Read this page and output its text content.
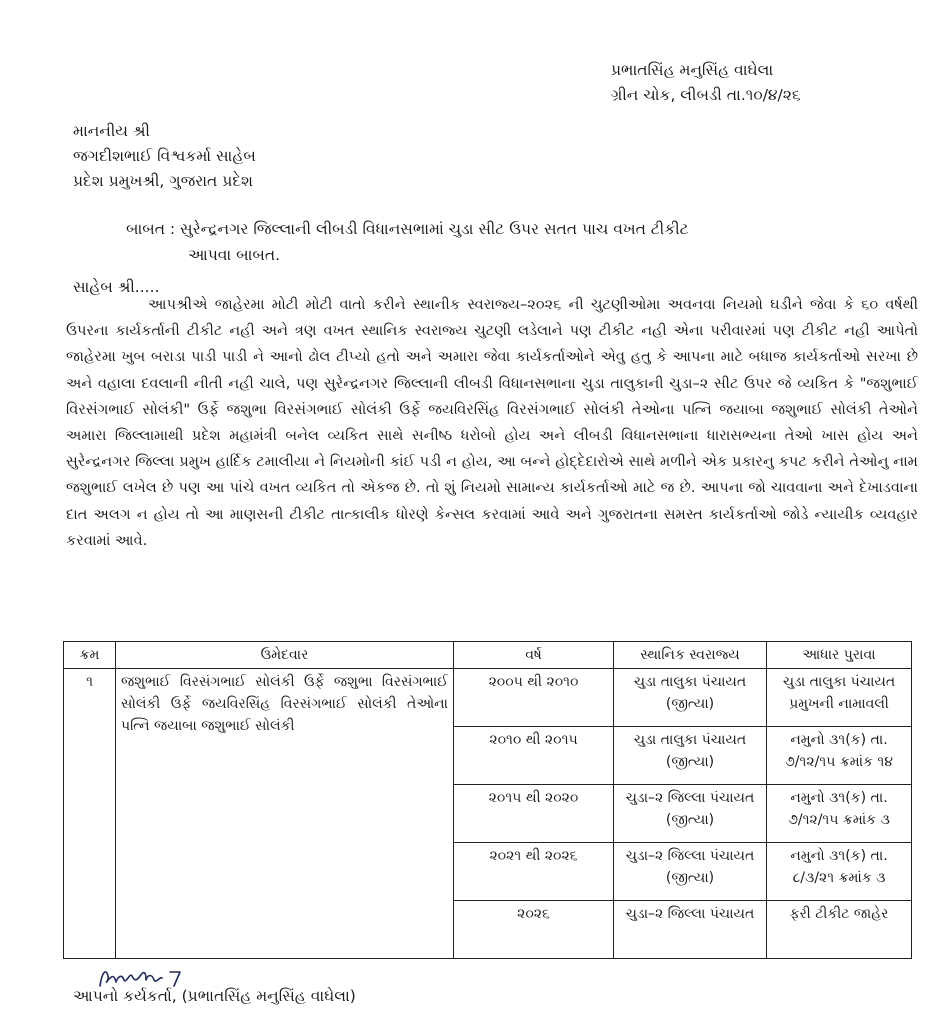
પ્રભાતસિંહ મનુસિંહ વાઘેલા
ગ્રીન ચોક, લીબડી તા.૧૦/૪/૨૬
માનનીય શ્રી
જગદીશભાઈ વિશ્વકર્મા સાહેબ
પ્રદેશ પ્રમુખશ્રી, ગુજરાત પ્રદેશ
બાબત : સુરેન્દ્રનગર જિલ્લાની લીબડી વિધાનસભામાં ચુડા સીટ ઉપર સતત પાચ વખત ટીકીટ
આપવા બાબત.
સાહેબ શ્રી.....
આપશ્રીએ જાહેરમા મોટી મોટી વાતો કરીને સ્થાનીક સ્વરાજ્ય–૨૦૨૬ ની ચુટણીઓમા અવનવા નિયમો ઘડીને જેવા કે ૬૦ વર્ષથી ઉપરના કાર્યકર્તાની ટીકીટ નહી અને ત્રણ વખત સ્થાનિક સ્વરાજ્ય ચુટણી લડેલાને પણ ટીકીટ નહી એના પરીવારમાં પણ ટીકીટ નહી આપેતો જાહેરમા ખુબ બરાડા પાડી પાડી ને આનો ઢોલ ટીપ્યો હતો અને અમારા જેવા કાર્યકર્તાઓને એવુ હતુ કે આપના માટે બધાજ કાર્યકર્તાઓ સરખા છે અને વહાલા દવલાની નીતી નહી ચાલે, પણ સુરેન્દ્રનગર જિલ્લાની લીબડી વિધાનસભાના ચુડા તાલુકાની ચુડા–૨ સીટ ઉપર જે વ્યકિત કે "જશુભાઈ વિરસંગભાઈ સોલંકી" ઉર્ફે જશુભા વિરસંગભાઈ સોલંકી ઉર્ફે જયવિરસિંહ વિરસંગભાઈ સોલંકી તેઓના પત્નિ જયાબા જશુભાઈ સોલંકી તેઓને અમારા જિલ્લામાથી પ્રદેશ મહામંત્રી બનેલ વ્યકિત સાથે સનીષ્ઠ ધરોબો હોય અને લીબડી વિધાનસભાના ધારાસભ્યના તેઓ ખાસ હોય અને સુરેન્દ્રનગર જિલ્લા પ્રમુખ હાર્દિક ટમાલીયા ને નિયમોની કાંઈ પડી ન હોય, આ બન્ને હોદ્દેદારોએ સાથે મળીને એક પ્રકારનુ કપટ કરીને તેઓનુ નામ જશુભાઈ લખેલ છે પણ આ પાંચે વખત વ્યકિત તો એકજ છે. તો શું નિયમો સામાન્ય કાર્યકર્તાઓ માટે જ છે. આપના જો ચાવવાના અને દેખાડવાના દાત અલગ ન હોય તો આ માણસની ટીકીટ તાત્કાલીક ધોરણે કેન્સલ કરવામાં આવે અને ગુજરાતના સમસ્ત કાર્યકર્તાઓ જોડે ન્યાયીક વ્યવહાર કરવામાં આવે.
ક્રમ	ઉમેદવાર	વર્ષ	સ્થાનિક સ્વરાજ્ય	આધાર પુરાવા
૧	જશુભાઈ વિરસંગભાઈ સોલંકી ઉર્ફે જશુભા વિરસંગભાઈ સોલંકી ઉર્ફે જયવિરસિંહ વિરસંગભાઈ સોલંકી તેઓના પત્નિ જયાબા જશુભાઈ સોલંકી	૨૦૦૫ થી ૨૦૧૦	ચુડા તાલુકા પંચાયત (જીત્યા)	ચુડા તાલુકા પંચાયત પ્રમુખની નામાવલી
		૨૦૧૦ થી ૨૦૧૫	ચુડા તાલુકા પંચાયત (જીત્યા)	નમુનો ૩૧(ક) તા. ૭/૧૨/૧૫ ક્રમાંક ૧૪
		૨૦૧૫ થી ૨૦૨૦	ચુડા–૨ જિલ્લા પંચાયત (જીત્યા)	નમુનો ૩૧(ક) તા. ૭/૧૨/૧૫ ક્રમાંક ૩
		૨૦૨૧ થી ૨૦૨૬	ચુડા–૨ જિલ્લા પંચાયત (જીત્યા)	નમુનો ૩૧(ક) તા. ૮/૩/૨૧ ક્રમાંક ૩
		૨૦૨૬	ચુડા–૨ જિલ્લા પંચાયત	ફરી ટીકીટ જાહેર
આપનો કર્યકર્તા, (પ્રભાતસિંહ મનુસિંહ વાઘેલા)
